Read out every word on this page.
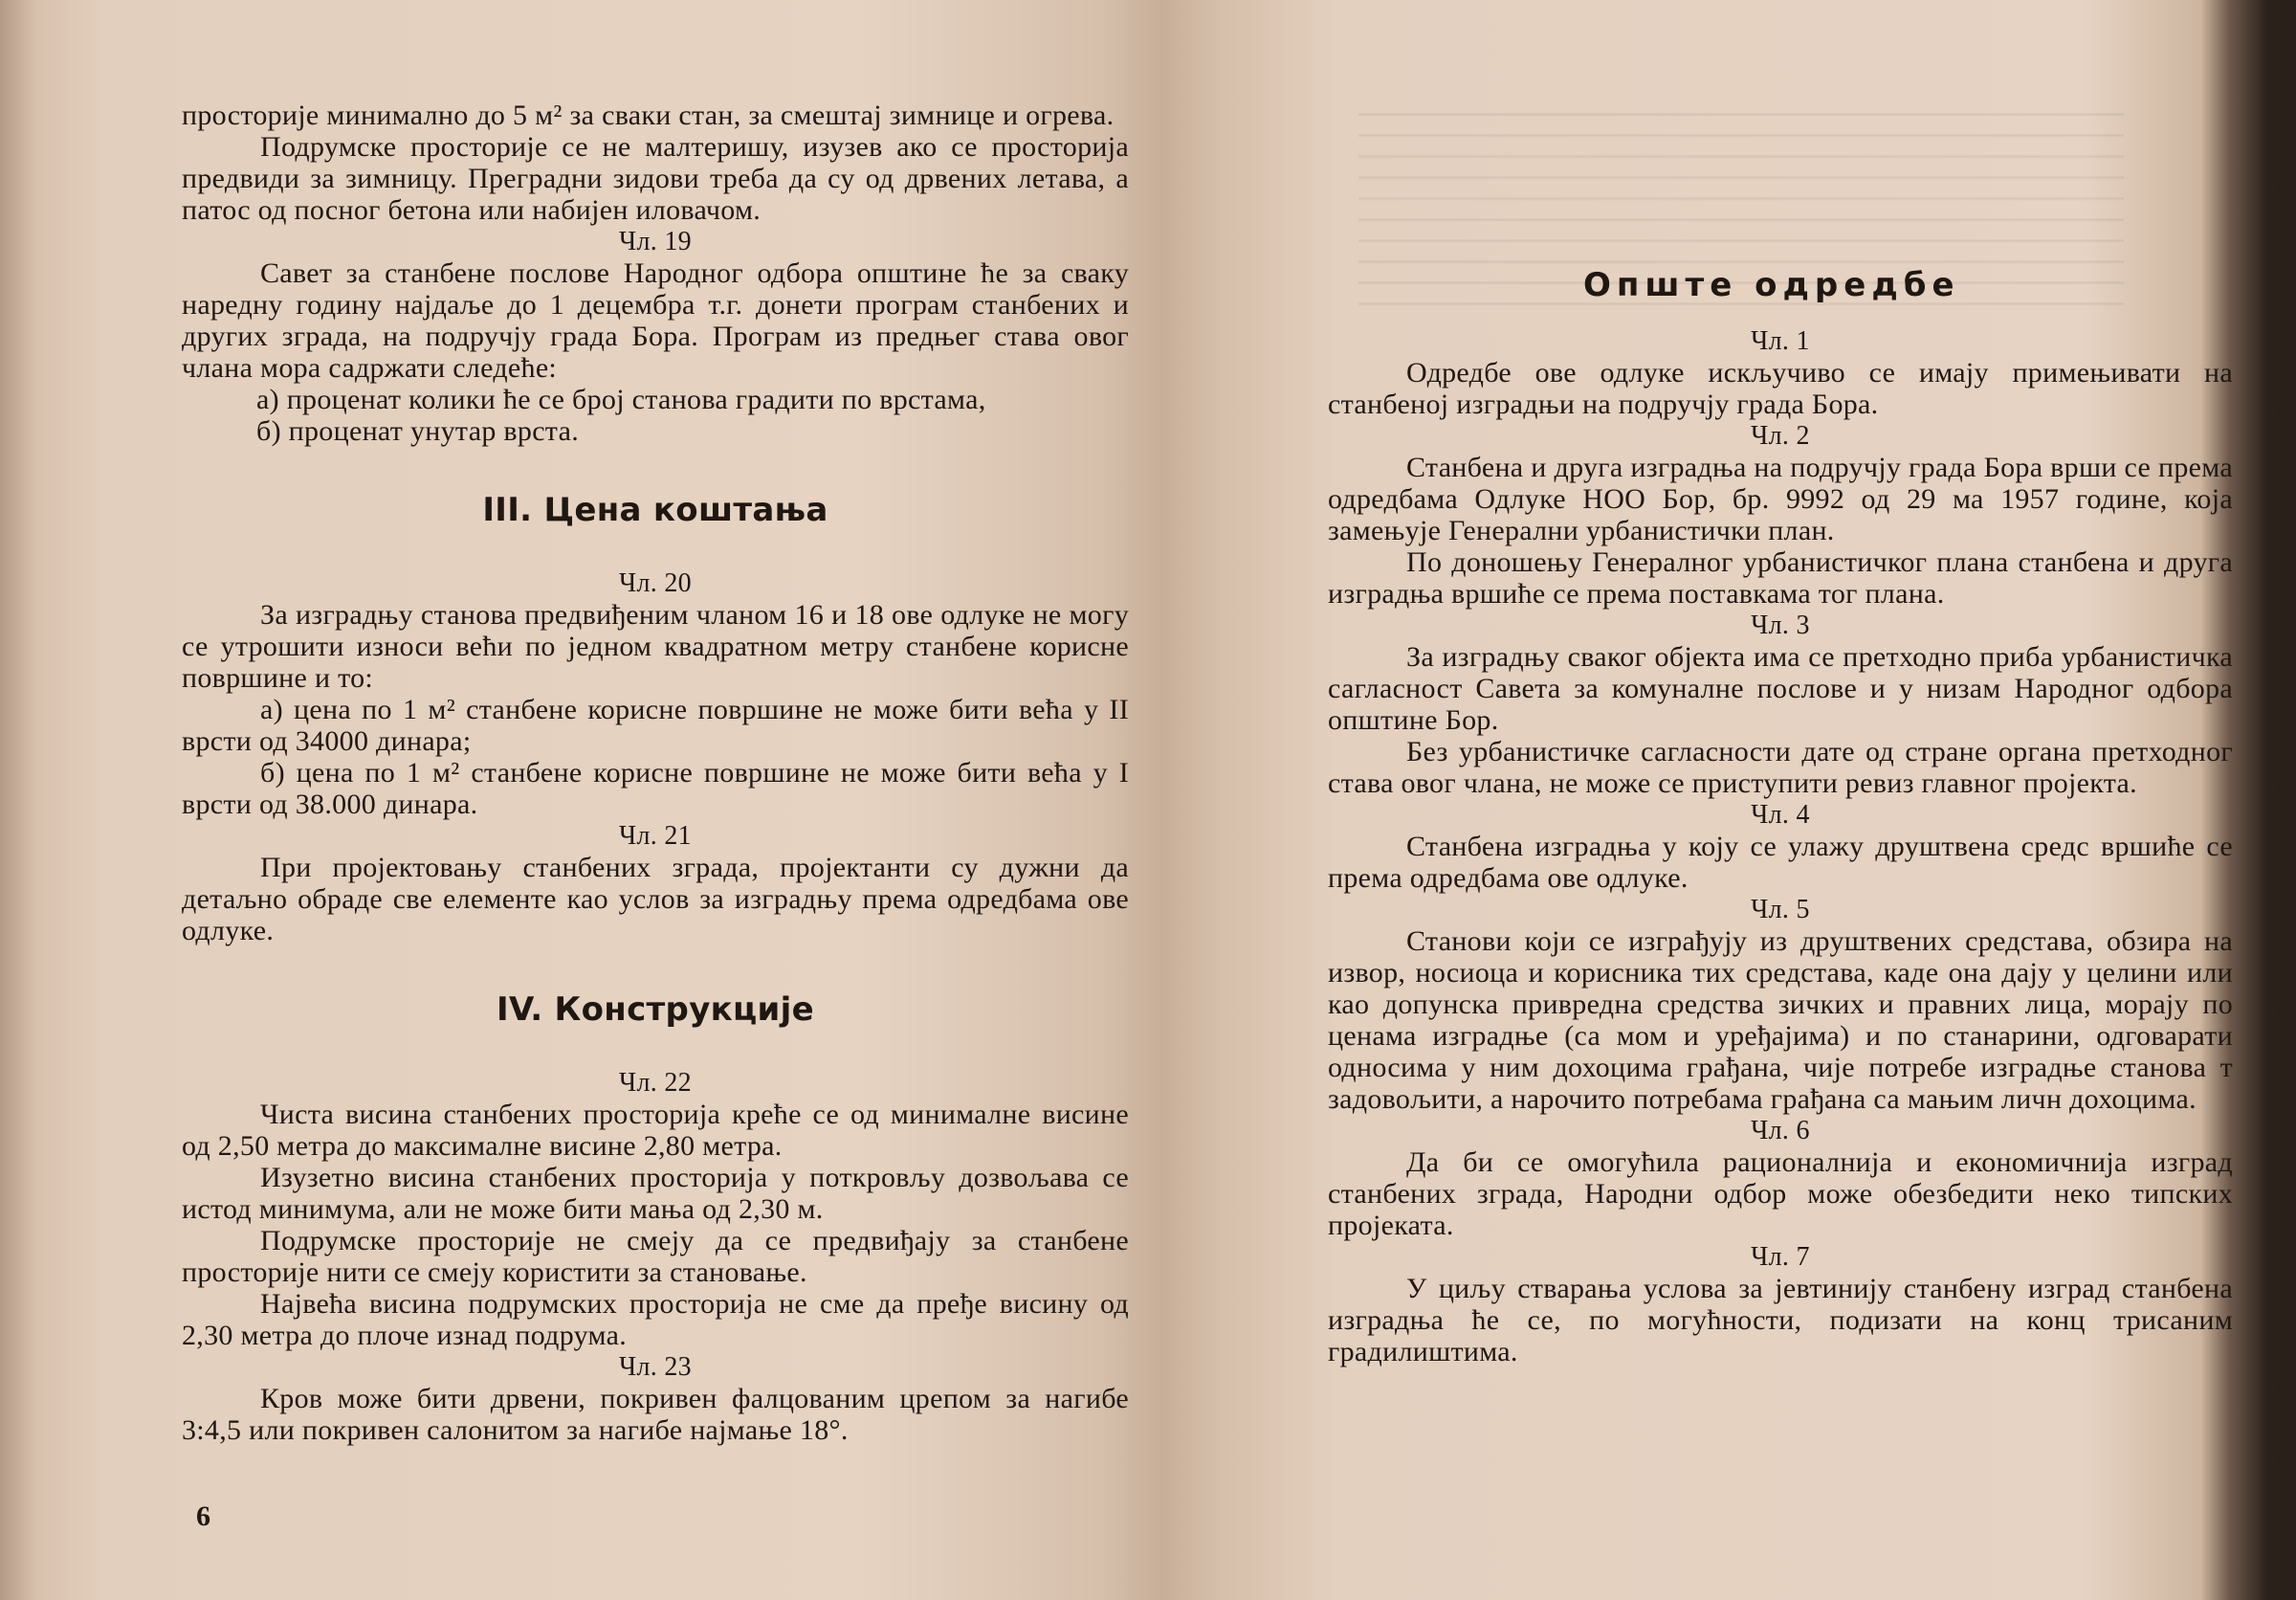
просторије минимално до 5 м² за сваки стан, за смештај зимнице и огрева.

Подрумске просторије се не малтеришу, изузев ако се просторија предвиди за зимницу. Преградни зидови треба да су од дрвених летава, а патос од посног бетона или набијен иловачом.

Чл. 19

Савет за станбене послове Народног одбора општине ће за сваку наредну годину најдаље до 1 децембра т.г. донети програм станбених и других зграда, на подручју града Бора. Програм из предњег става овог члана мора садржати следеће:

а) проценат колики ће се број станова градити по врстама,

б) проценат унутар врста.

III. Цена коштања

Чл. 20

За изградњу станова предвиђеним чланом 16 и 18 ове одлуке не могу се утрошити износи већи по једном квадратном метру станбене корисне површине и то:

а) цена по 1 м² станбене корисне површине не може бити већа у II врсти од 34000 динара;

б) цена по 1 м² станбене корисне површине не може бити већа у I врсти од 38.000 динара.

Чл. 21

При пројектовању станбених зграда, пројектанти су дужни да детаљно обраде све елементе као услов за изградњу према одредбама ове одлуке.

IV. Конструкције

Чл. 22

Чиста висина станбених просторија креће се од минималне висине од 2,50 метра до максималне висине 2,80 метра.

Изузетно висина станбених просторија у поткровљу дозвољава се истод минимума, али не може бити мања од 2,30 м.

Подрумске просторије не смеју да се предвиђају за станбене просторије нити се смеју користити за становање.

Највећа висина подрумских просторија не сме да пређе висину од 2,30 метра до плоче изнад подрума.

Чл. 23

Кров може бити дрвени, покривен фалцованим црепом за нагибе 3:4,5 или покривен салонитом за нагибе најмање 18°.

6
Опште одредбе

Чл. 1

Одредбе ове одлуке искључиво се имају примењивати на станбеној изградњи на подручју града Бора.

Чл. 2

Станбена и друга изградња на подручју града Бора врши се према одредбама Одлуке НОО Бор, бр. 9992 од 29 ма 1957 године, која замењује Генерални урбанистички план.

По доношењу Генералног урбанистичког плана станбена и друга изградња вршиће се према поставкама тог плана.

Чл. 3

За изградњу сваког објекта има се претходно приба урбанистичка сагласност Савета за комуналне послове и у низам Народног одбора општине Бор.

Без урбанистичке сагласности дате од стране органа претходног става овог члана, не може се приступити ревиз главног пројекта.

Чл. 4

Станбена изградња у коју се улажу друштвена средс вршиће се према одредбама ове одлуке.

Чл. 5

Станови који се изграђују из друштвених средстава, обзира на извор, носиоца и корисника тих средстава, каде она дају у целини или као допунска привредна средства зичких и правних лица, морају по ценама изградње (са мом и уређајима) и по станарини, одговарати односима у ним дохоцима грађана, чије потребе изградње станова т задовољити, а нарочито потребама грађана са мањим личн дохоцима.

Чл. 6

Да би се омогућила рационалнија и економичнија изград станбених зграда, Народни одбор може обезбедити неко типских пројеката.

Чл. 7

У циљу стварања услова за јевтинију станбену изград станбена изградња ће се, по могућности, подизати на конц трисаним градилиштима.
